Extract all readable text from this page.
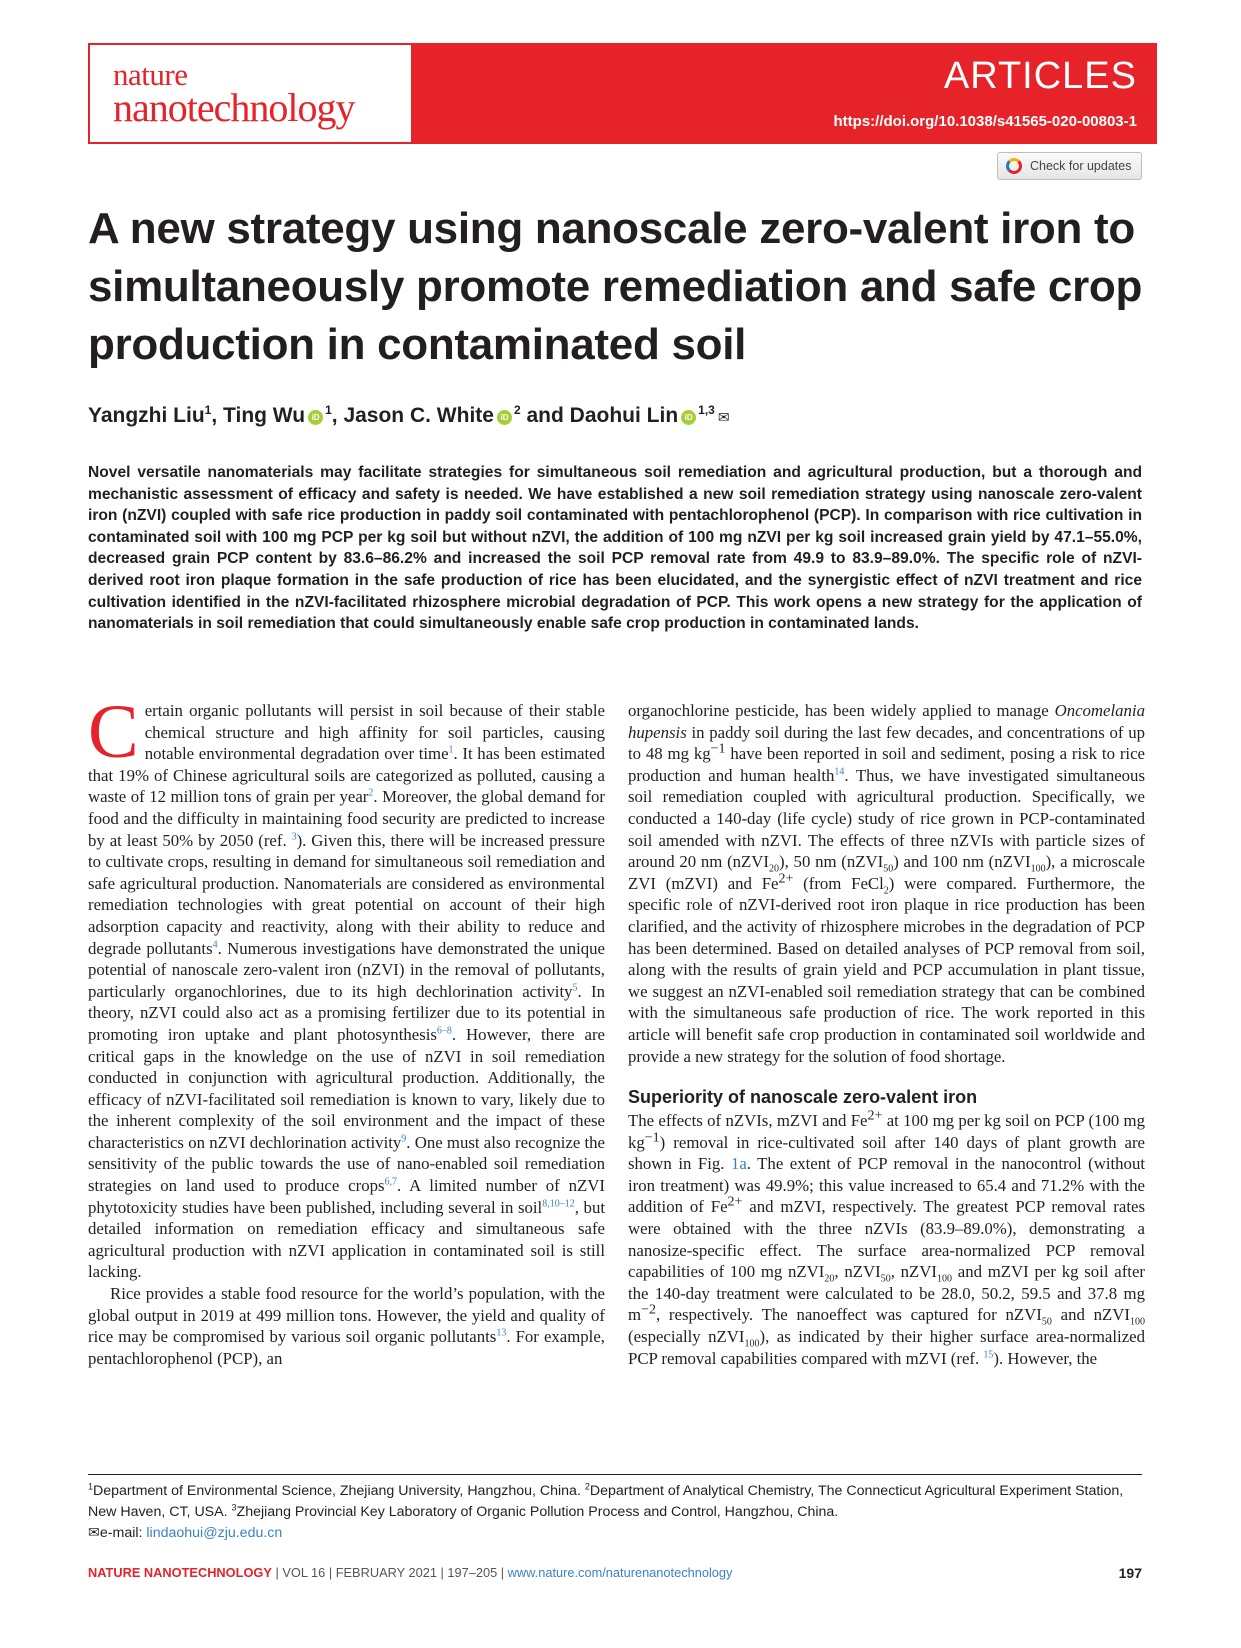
nature
nanotechnology
ARTICLES
https://doi.org/10.1038/s41565-020-00803-1
Check for updates
A new strategy using nanoscale zero-valent iron to simultaneously promote remediation and safe crop production in contaminated soil
Yangzhi Liu$^1$, Ting Wu $iD^1$, Jason C. White $iD^2$ and Daohui Lin iD$^{1,3}$ ✉

Novel versatile nanomaterials may facilitate strategies for simultaneous soil remediation and agricultural production, but a thorough and mechanistic assessment of efficacy and safety is needed. We have established a new soil remediation strategy using nanoscale zero-valent iron (nZVI) coupled with safe rice production in paddy soil contaminated with pentachlorophenol (PCP). In comparison with rice cultivation in contaminated soil with 100 mg PCP per kg soil but without nZVI, the addition of 100 mg nZVI per kg soil increased grain yield by 47.1–55.0%, decreased grain PCP content by 83.6–86.2% and increased the soil PCP removal rate from 49.9 to 83.9–89.0%. The specific role of nZVI-derived root iron plaque formation in the safe production of rice has been elucidated, and the synergistic effect of nZVI treatment and rice cultivation identified in the nZVI-facilitated rhizosphere microbial degradation of PCP. This work opens a new strategy for the application of nanomaterials in soil remediation that could simultaneously enable safe crop production in contaminated lands.

Certain organic pollutants will persist in soil because of their stable chemical structure and high affinity for soil particles, causing notable environmental degradation over time$^1$. It has been estimated that 19% of Chinese agricultural soils are categorized as polluted, causing a waste of 12 million tons of grain per year$^2$. Moreover, the global demand for food and the difficulty in maintaining food security are predicted to increase by at least 50% by 2050 (ref. $^3$). Given this, there will be increased pressure to cultivate crops, resulting in demand for simultaneous soil remediation and safe agricultural production. Nanomaterials are considered as environmental remediation technologies with great potential on account of their high adsorption capacity and reactivity, along with their ability to reduce and degrade pollutants$^4$. Numerous investigations have demonstrated the unique potential of nanoscale zero-valent iron (nZVI) in the removal of pollutants, particularly organochlorines, due to its high dechlorination activity$^5$. In theory, nZVI could also act as a promising fertilizer due to its potential in promoting iron uptake and plant photosynthesis$^{6-8}$. However, there are critical gaps in the knowledge on the use of nZVI in soil remediation conducted in conjunction with agricultural production. Additionally, the efficacy of nZVI-facilitated soil remediation is known to vary, likely due to the inherent complexity of the soil environment and the impact of these characteristics on nZVI dechlorination activity$^9$. One must also recognize the sensitivity of the public towards the use of nano-enabled soil remediation strategies on land used to produce crops$^{6,7}$. A limited number of nZVI phytotoxicity studies have been published, including several in soil$^{8,10-12}$, but detailed information on remediation efficacy and simultaneous safe agricultural production with nZVI application in contaminated soil is still lacking.

Rice provides a stable food resource for the world’s population, with the global output in 2019 at 499 million tons. However, the yield and quality of rice may be compromised by various soil organic pollutants$^{13}$. For example, pentachlorophenol (PCP), an

organochlorine pesticide, has been widely applied to manage Oncomelania hupensis in paddy soil during the last few decades, and concentrations of up to 48 mg $kg^{-1}$ have been reported in soil and sediment, posing a risk to rice production and human health$^{14}$. Thus, we have investigated simultaneous soil remediation coupled with agricultural production. Specifically, we conducted a 140-day (life cycle) study of rice grown in PCP-contaminated soil amended with nZVI. The effects of three nZVIs with particle sizes of around 20 nm (nZVI$_{20}$), 50 nm (nZVI$_{50}$) and 100 nm (nZVI$_{100}$), a microscale ZVI (mZVI) and $Fe^{2+}$ (from FeCl$_2$) were compared. Furthermore, the specific role of nZVI-derived root iron plaque in rice production has been clarified, and the activity of rhizosphere microbes in the degradation of PCP has been determined. Based on detailed analyses of PCP removal from soil, along with the results of grain yield and PCP accumulation in plant tissue, we suggest an nZVI-enabled soil remediation strategy that can be combined with the simultaneous safe production of rice. The work reported in this article will benefit safe crop production in contaminated soil worldwide and provide a new strategy for the solution of food shortage.

Superiority of nanoscale zero-valent iron

The effects of nZVIs, mZVI and $Fe^{2+}$ at 100 mg per kg soil on PCP (100 mg $kg^{-1}$) removal in rice-cultivated soil after 140 days of plant growth are shown in Fig. 1a. The extent of PCP removal in the nanocontrol (without iron treatment) was 49.9%; this value increased to 65.4 and 71.2% with the addition of $Fe^{2+}$ and mZVI, respectively. The greatest PCP removal rates were obtained with the three nZVIs (83.9–89.0%), demonstrating a nanosize-specific effect. The surface area-normalized PCP removal capabilities of 100 mg nZVI$_{20}$, nZVI$_{50}$, nZVI$_{100}$ and mZVI per kg soil after the 140-day treatment were calculated to be 28.0, 50.2, 59.5 and 37.8 mg $m^{-2}$, respectively. The nanoeffect was captured for nZVI$_{50}$ and nZVI$_{100}$ (especially nZVI$_{100}$), as indicated by their higher surface area-normalized PCP removal capabilities compared with mZVI (ref. $^{15}$). However, the

$^1$Department of Environmental Science, Zhejiang University, Hangzhou, China. $^2$Department of Analytical Chemistry, The Connecticut Agricultural Experiment Station, New Haven, CT, USA. $^3$Zhejiang Provincial Key Laboratory of Organic Pollution Process and Control, Hangzhou, China.
✉e-mail: lindaohui@zju.edu.cn

NATURE NANOTECHNOLOGY | VOL 16 | FEBRUARY 2021 | 197–205 | www.nature.com/naturenanotechnology	197
